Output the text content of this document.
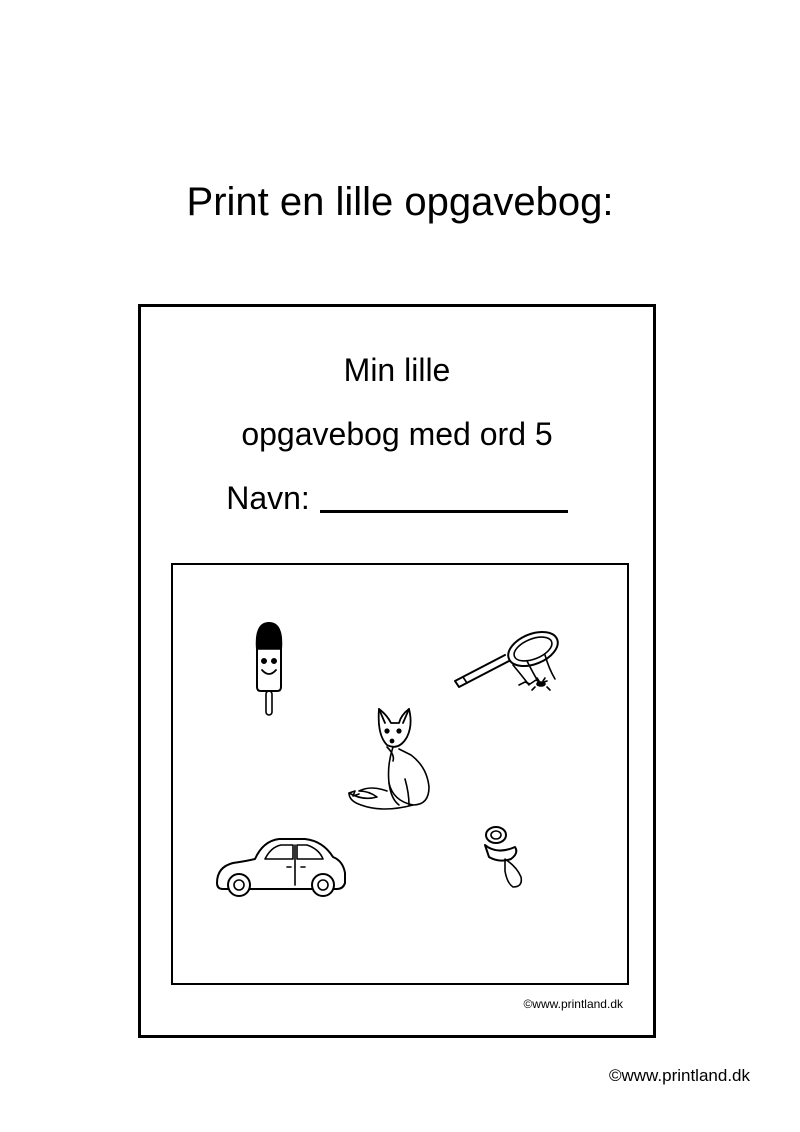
Print en lille opgavebog:
Min lille
opgavebog med ord 5
Navn:
©www.printland.dk
©www.printland.dk
